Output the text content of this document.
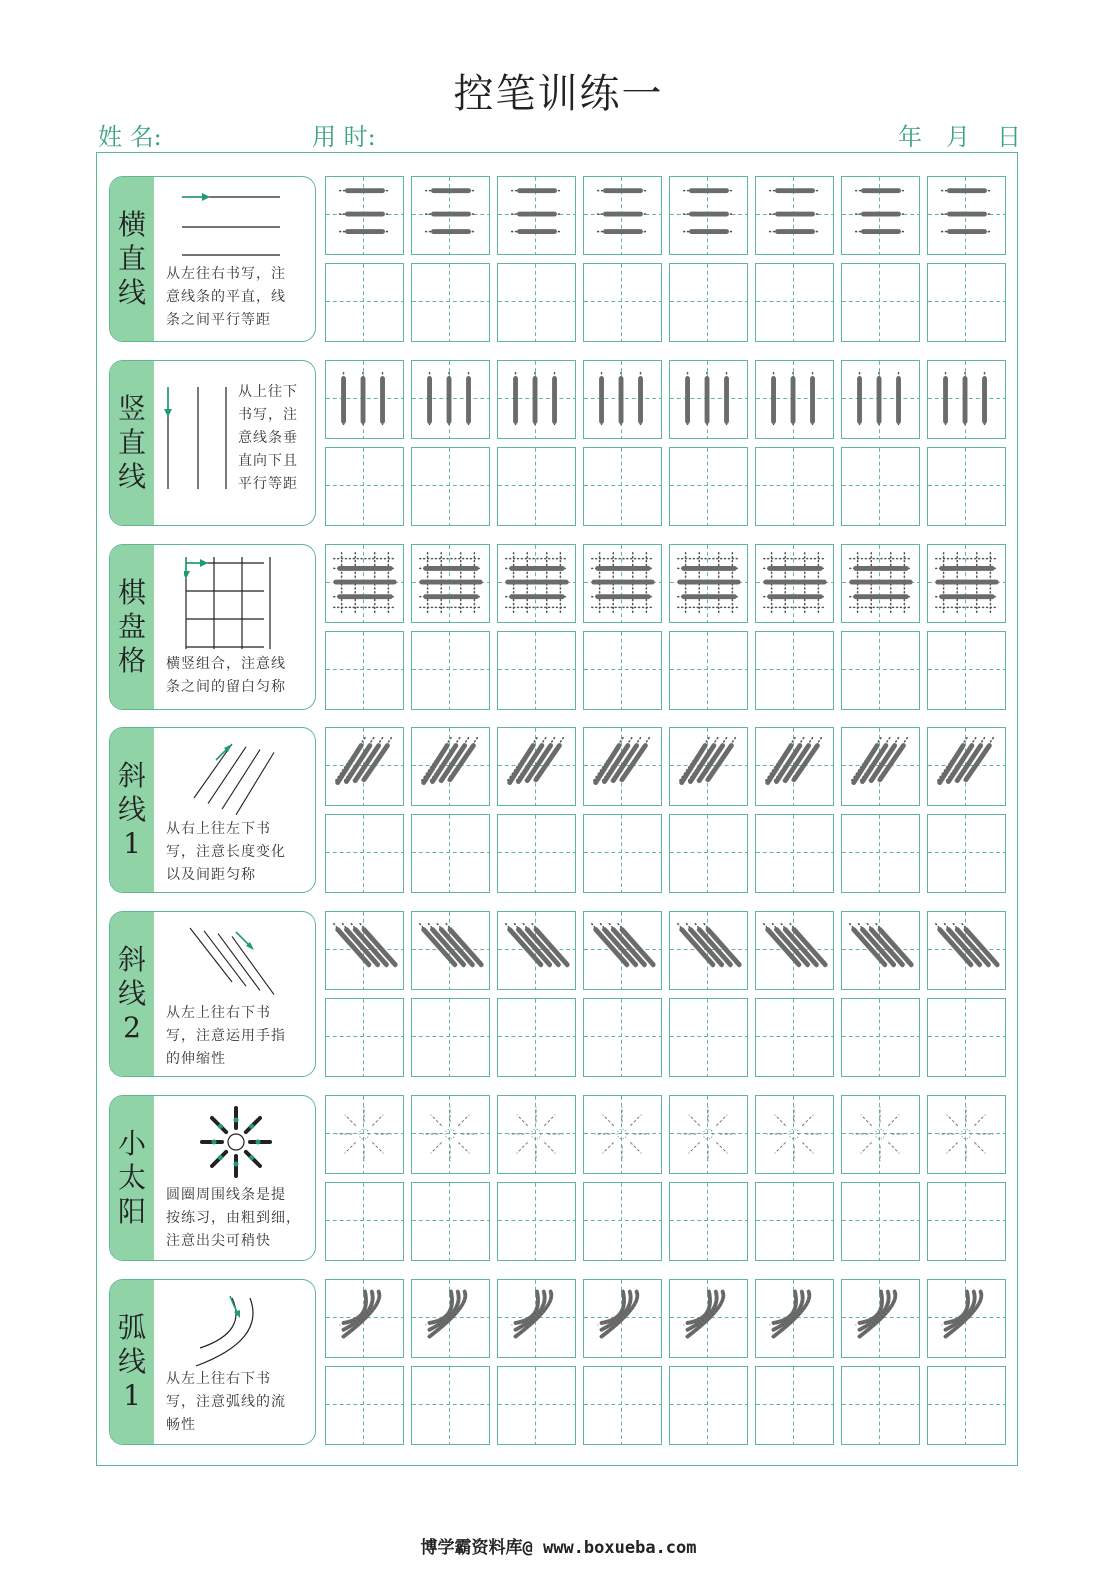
控笔训练一
姓 名:	用 时:	年 月 日
横
直
线
从左往右书写，注
意线条的平直，线
条之间平行等距
竖
直
线
从上往下
书写，注
意线条垂
直向下且
平行等距
棋
盘
格 横竖组合，注意线
条之间的留白匀称
斜
线
1 从右上往左下书
写，注意长度变化
以及间距匀称
斜
线
2 从左上往右下书
写，注意运用手指
的伸缩性
小
太
阳 圆圈周围线条是提
按练习，由粗到细，
注意出尖可稍快
弧
线
1 从左上往右下书
写，注意弧线的流
畅性
博学霸资料库@ www.boxueba.com
